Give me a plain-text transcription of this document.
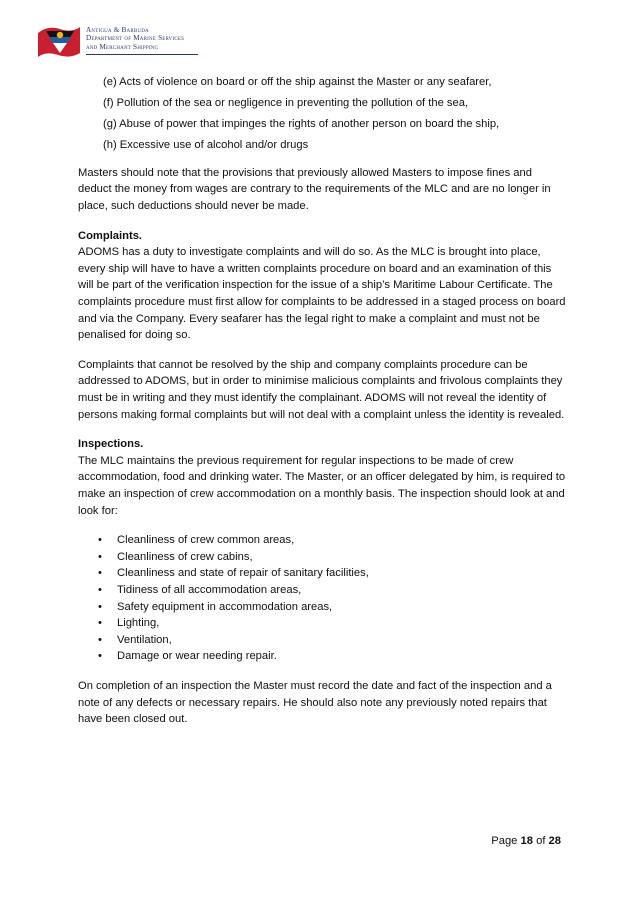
Antigua & Barbuda
Department of Marine Services
and Merchant Shipping

(e) Acts of violence on board or off the ship against the Master or any seafarer,

(f) Pollution of the sea or negligence in preventing the pollution of the sea,

(g) Abuse of power that impinges the rights of another person on board the ship,

(h) Excessive use of alcohol and/or drugs

Masters should note that the provisions that previously allowed Masters to impose fines and deduct the money from wages are contrary to the requirements of the MLC and are no longer in place, such deductions should never be made.

Complaints.

ADOMS has a duty to investigate complaints and will do so. As the MLC is brought into place, every ship will have to have a written complaints procedure on board and an examination of this will be part of the verification inspection for the issue of a ship’s Maritime Labour Certificate. The complaints procedure must first allow for complaints to be addressed in a staged process on board and via the Company. Every seafarer has the legal right to make a complaint and must not be penalised for doing so.

Complaints that cannot be resolved by the ship and company complaints procedure can be addressed to ADOMS, but in order to minimise malicious complaints and frivolous complaints they must be in writing and they must identify the complainant. ADOMS will not reveal the identity of persons making formal complaints but will not deal with a complaint unless the identity is revealed.

Inspections.

The MLC maintains the previous requirement for regular inspections to be made of crew accommodation, food and drinking water. The Master, or an officer delegated by him, is required to make an inspection of crew accommodation on a monthly basis. The inspection should look at and look for:

• Cleanliness of crew common areas,
• Cleanliness of crew cabins,
• Cleanliness and state of repair of sanitary facilities,
• Tidiness of all accommodation areas,
• Safety equipment in accommodation areas,
• Lighting,
• Ventilation,
• Damage or wear needing repair.

On completion of an inspection the Master must record the date and fact of the inspection and a note of any defects or necessary repairs. He should also note any previously noted repairs that have been closed out.

Page 18 of 28
